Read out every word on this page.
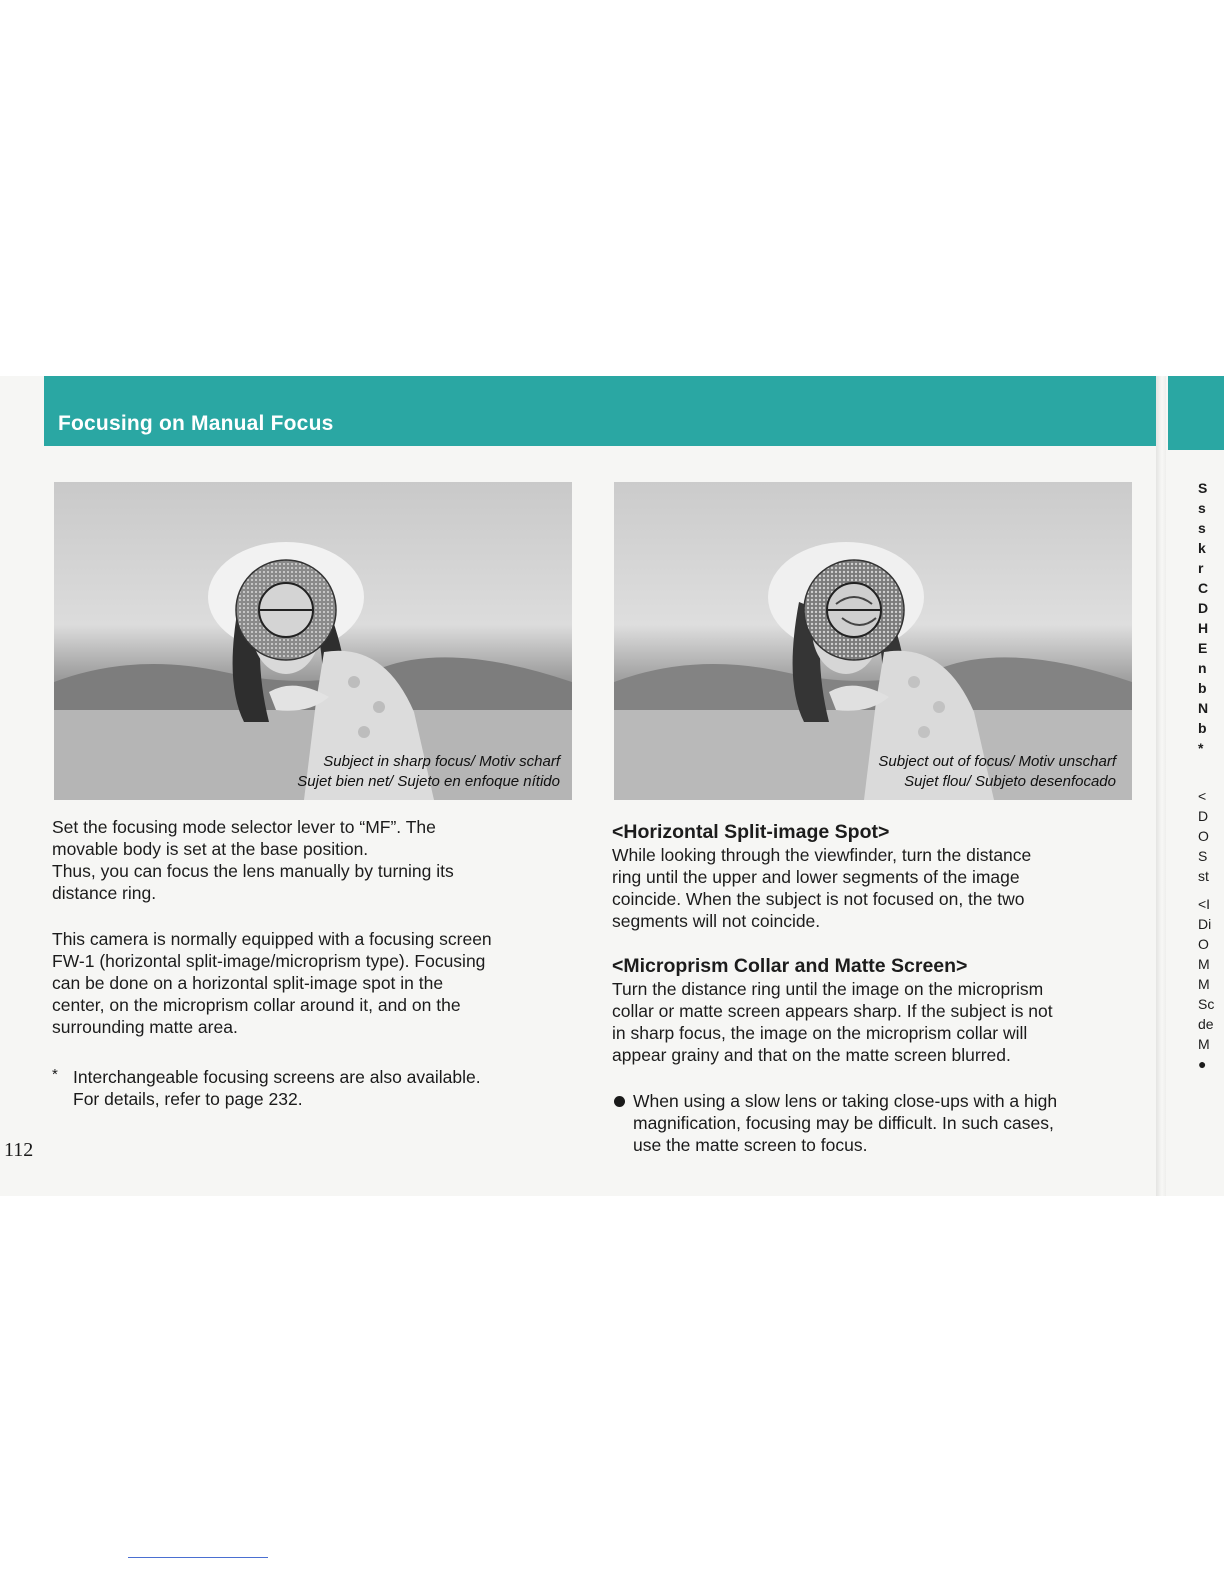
Focusing on Manual Focus
Subject in sharp focus/ Motiv scharf
Sujet bien net/ Sujeto en enfoque nítido
Subject out of focus/ Motiv unscharf
Sujet flou/ Subjeto desenfocado

Set the focusing mode selector lever to “MF”. The

movable body is set at the base position.

Thus, you can focus the lens manually by turning its

distance ring.

This camera is normally equipped with a focusing screen

FW-1 (horizontal split-image/microprism type). Focusing

can be done on a horizontal split-image spot in the

center, on the microprism collar around it, and on the

surrounding matte area.

* Interchangeable focusing screens are also available.

For details, refer to page 232.

<Horizontal Split-image Spot>

While looking through the viewfinder, turn the distance

ring until the upper and lower segments of the image

coincide. When the subject is not focused on, the two

segments will not coincide.

<Microprism Collar and Matte Screen>

Turn the distance ring until the image on the microprism

collar or matte screen appears sharp. If the subject is not

in sharp focus, the image on the microprism collar will

appear grainy and that on the matte screen blurred.

When using a slow lens or taking close-ups with a high

magnification, focusing may be difficult. In such cases,

use the matte screen to focus.

112
S
s
s
k
r
C
D
H
E
n
b
N
b
*
<
D
O
S
st
<I
Di
O
M
M
Sc
de
M
●
